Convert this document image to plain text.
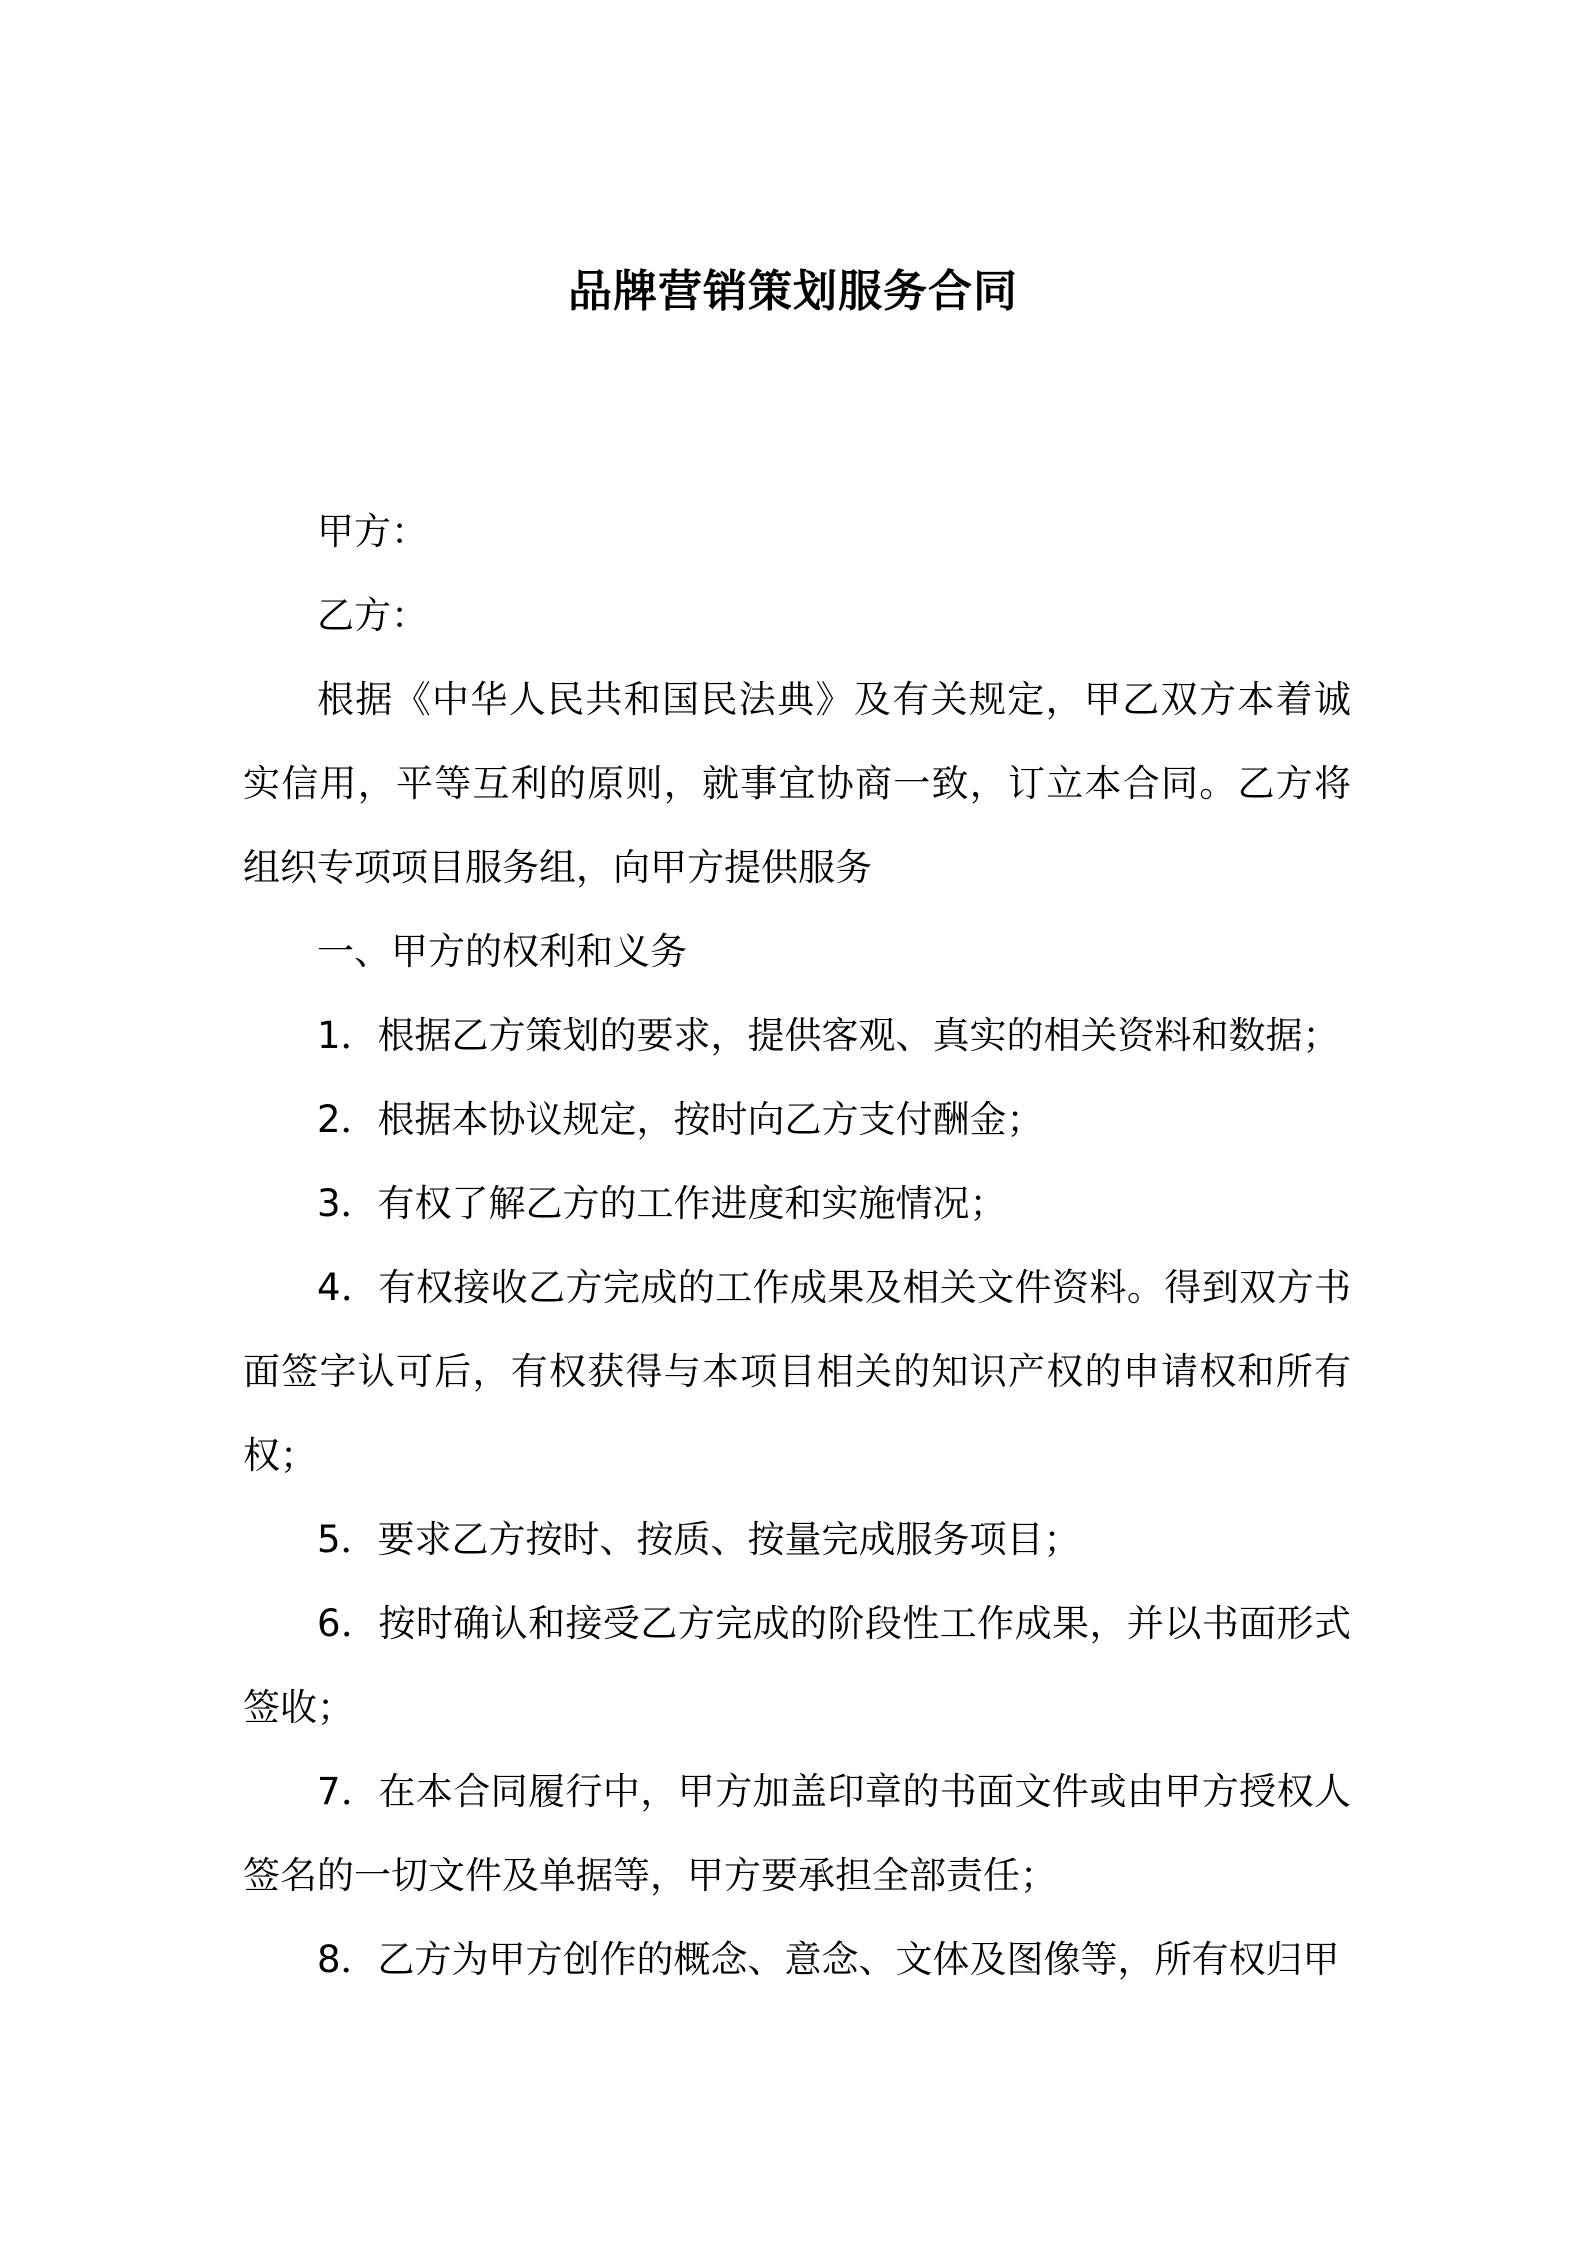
品牌营销策划服务合同

甲方：

乙方：

根据《中华人民共和国民法典》及有关规定，甲乙双方本着诚实信用，平等互利的原则，就事宜协商一致，订立本合同。乙方将组织专项项目服务组，向甲方提供服务

一、甲方的权利和义务

1．根据乙方策划的要求，提供客观、真实的相关资料和数据；

2．根据本协议规定，按时向乙方支付酬金；

3．有权了解乙方的工作进度和实施情况；

4．有权接收乙方完成的工作成果及相关文件资料。得到双方书面签字认可后，有权获得与本项目相关的知识产权的申请权和所有权；

5．要求乙方按时、按质、按量完成服务项目；

6．按时确认和接受乙方完成的阶段性工作成果，并以书面形式签收；

7．在本合同履行中，甲方加盖印章的书面文件或由甲方授权人签名的一切文件及单据等，甲方要承担全部责任；

8．乙方为甲方创作的概念、意念、文体及图像等，所有权归甲
